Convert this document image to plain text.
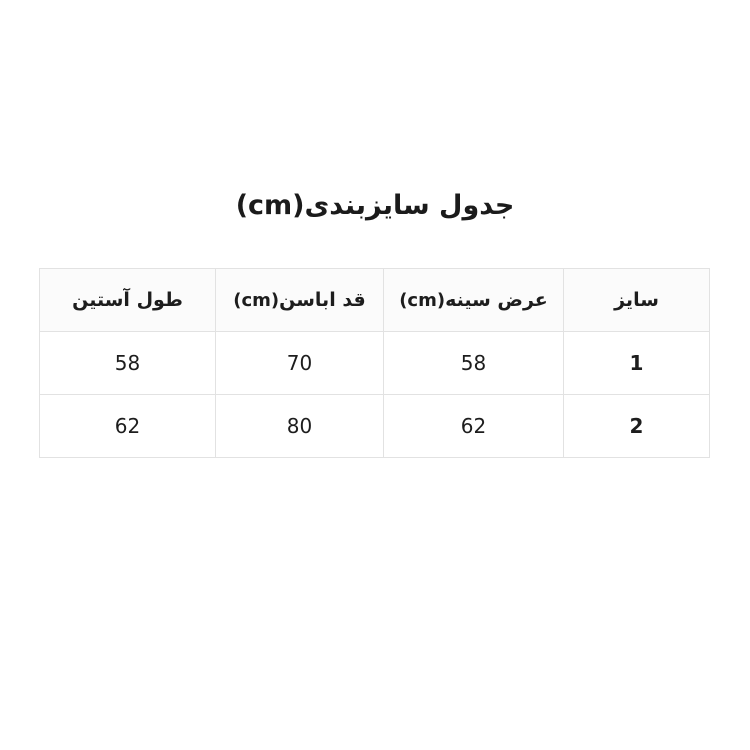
جدول سایزبندی(cm)
سایز	عرض سینه(cm)	قد اباسن(cm)	طول آستین
1	58	70	58
2	62	80	62
